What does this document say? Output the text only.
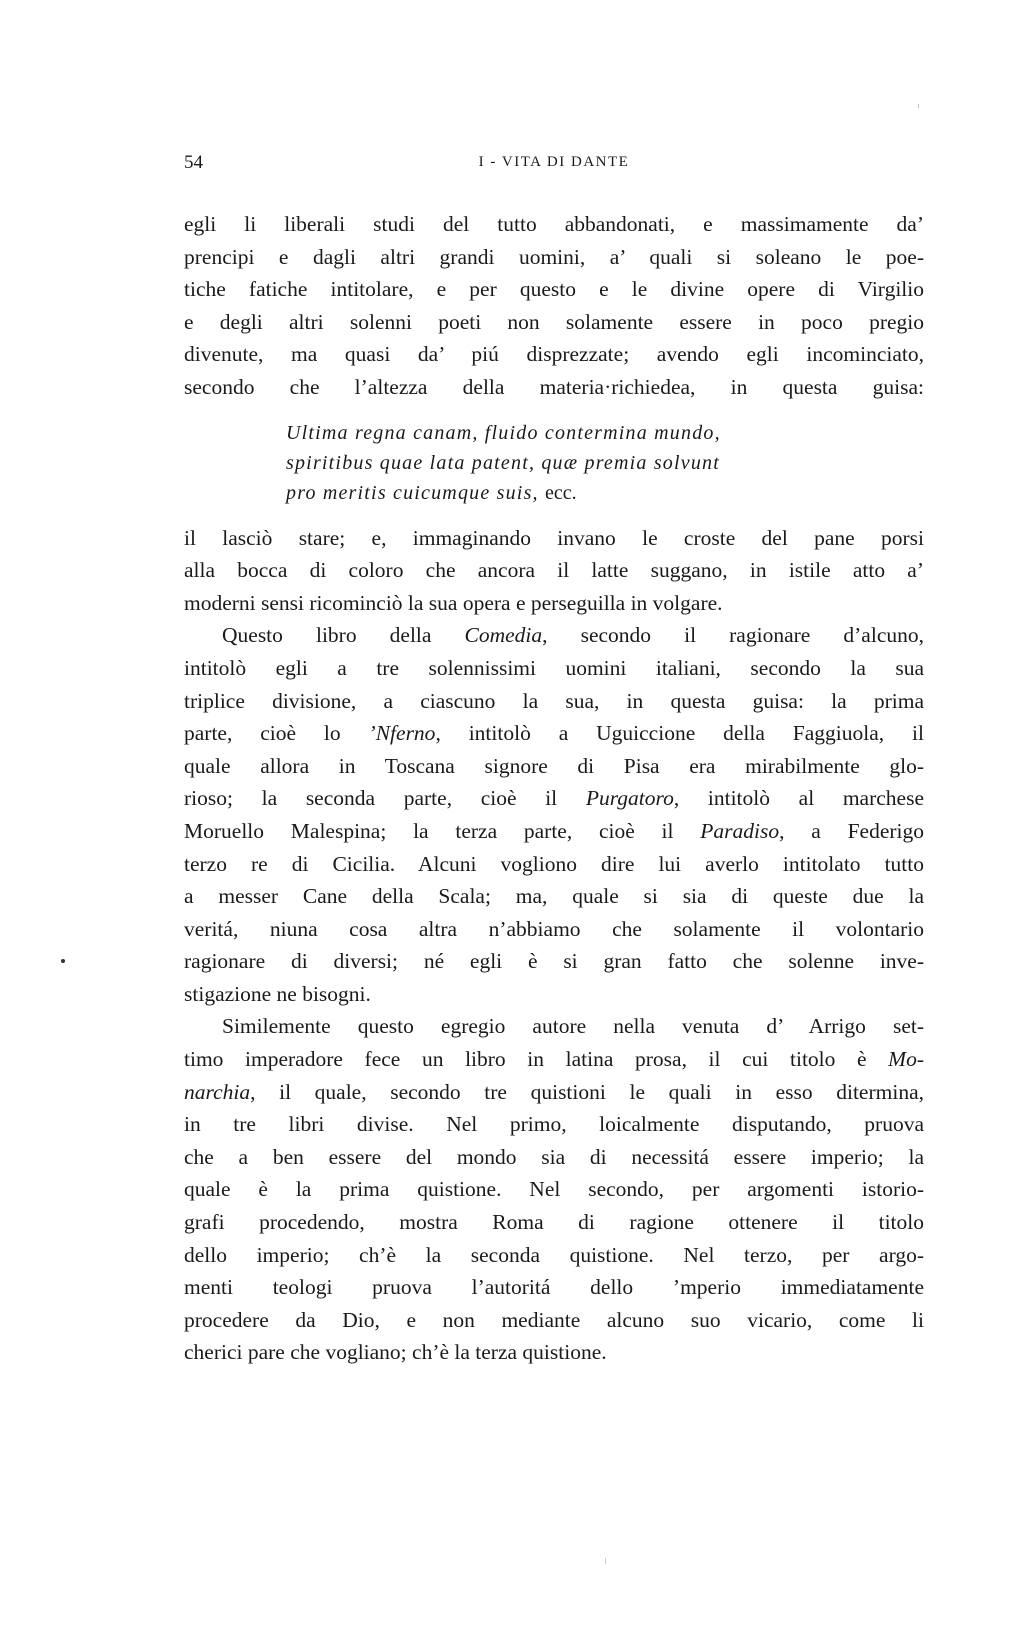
54	I - VITA DI DANTE
egli li liberali studi del tutto abbandonati, e massimamente da’
prencipi e dagli altri grandi uomini, a’ quali si soleano le poe-
tiche fatiche intitolare, e per questo e le divine opere di Virgilio
e degli altri solenni poeti non solamente essere in poco pregio
divenute, ma quasi da’ piú disprezzate; avendo egli incominciato,
secondo che l’altezza della materia·richiedea, in questa guisa:
Ultima regna canam, fluido contermina mundo,
spiritibus quae lata patent, quæ premia solvunt
pro meritis cuicumque suis, ecc.
il lasciò stare; e, immaginando invano le croste del pane porsi
alla bocca di coloro che ancora il latte suggano, in istile atto a’
moderni sensi ricominciò la sua opera e perseguilla in volgare.
Questo libro della Comedia, secondo il ragionare d’alcuno,
intitolò egli a tre solennissimi uomini italiani, secondo la sua
triplice divisione, a ciascuno la sua, in questa guisa: la prima
parte, cioè lo ’Nferno, intitolò a Uguiccione della Faggiuola, il
quale allora in Toscana signore di Pisa era mirabilmente glo-
rioso; la seconda parte, cioè il Purgatoro, intitolò al marchese
Moruello Malespina; la terza parte, cioè il Paradiso, a Federigo
terzo re di Cicilia. Alcuni vogliono dire lui averlo intitolato tutto
a messer Cane della Scala; ma, quale si sia di queste due la
veritá, niuna cosa altra n’abbiamo che solamente il volontario
ragionare di diversi; né egli è si gran fatto che solenne inve-
stigazione ne bisogni.
Similemente questo egregio autore nella venuta d’ Arrigo set-
timo imperadore fece un libro in latina prosa, il cui titolo è Mo-
narchia, il quale, secondo tre quistioni le quali in esso ditermina,
in tre libri divise. Nel primo, loicalmente disputando, pruova
che a ben essere del mondo sia di necessitá essere imperio; la
quale è la prima quistione. Nel secondo, per argomenti istorio-
grafi procedendo, mostra Roma di ragione ottenere il titolo
dello imperio; ch’è la seconda quistione. Nel terzo, per argo-
menti teologi pruova l’autoritá dello ’mperio immediatamente
procedere da Dio, e non mediante alcuno suo vicario, come li
cherici pare che vogliano; ch’è la terza quistione.
